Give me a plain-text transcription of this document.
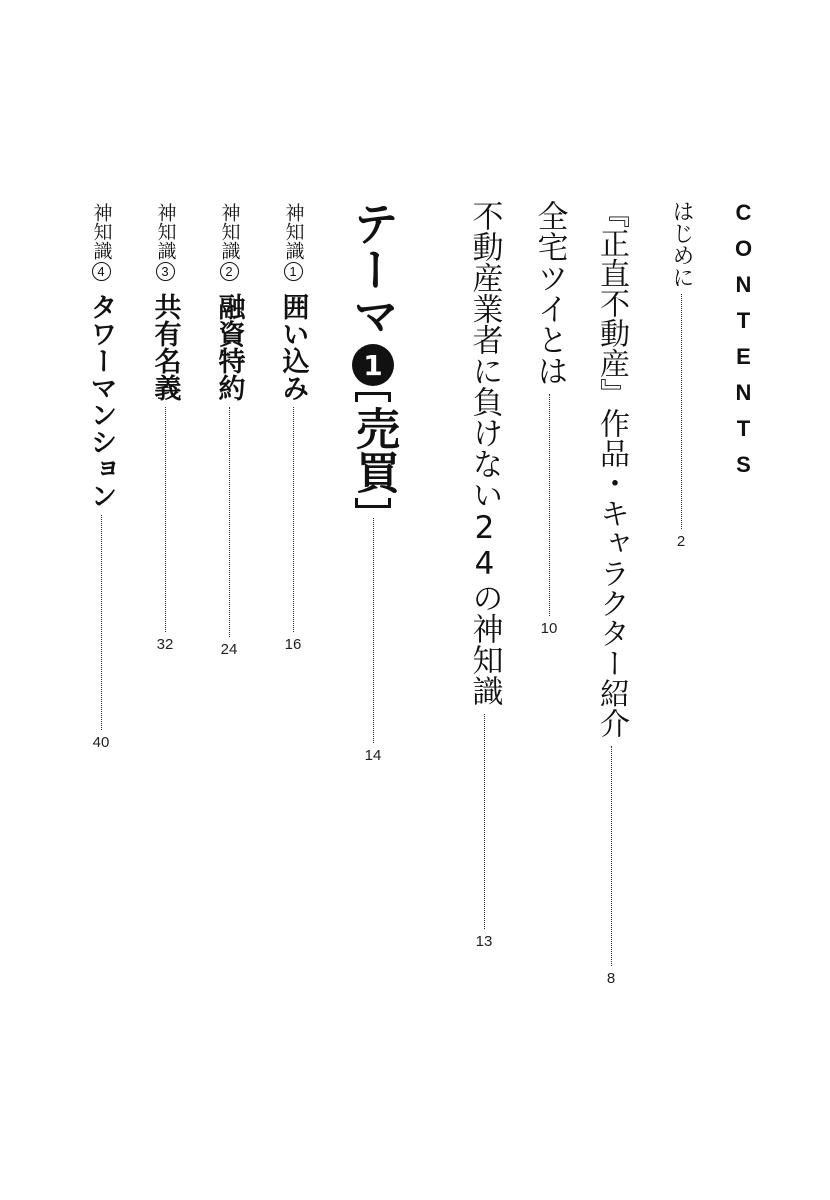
CONTENTS
はじめに
2
『正直不動産』作品・キャラクター紹介
8
全宅ツイとは
10
不動産業者に負けない24の神知識
13
テーマ
1
売買
14
神知識
1
囲い込み
16
神知識
2
融資特約
24
神知識
3
共有名義
32
神知識
4
タワーマンション
40
